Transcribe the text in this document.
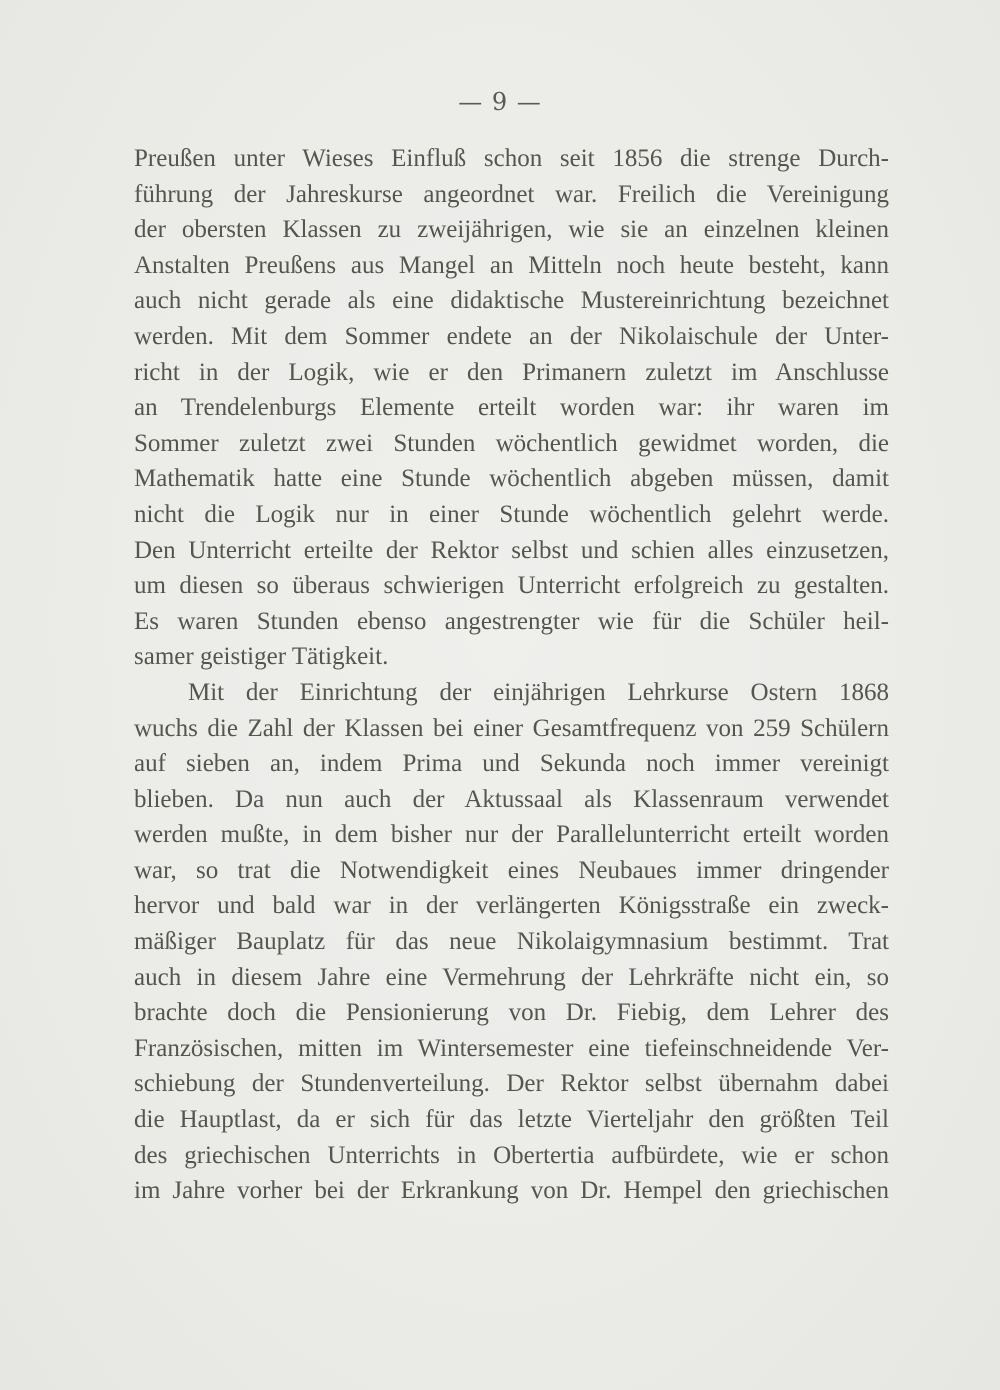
— 9 —
Preußen unter Wieses Einfluß schon seit 1856 die strenge Durch-
führung der Jahreskurse angeordnet war. Freilich die Vereinigung
der obersten Klassen zu zweijährigen, wie sie an einzelnen kleinen
Anstalten Preußens aus Mangel an Mitteln noch heute besteht, kann
auch nicht gerade als eine didaktische Mustereinrichtung bezeichnet
werden. Mit dem Sommer endete an der Nikolaischule der Unter-
richt in der Logik, wie er den Primanern zuletzt im Anschlusse
an Trendelenburgs Elemente erteilt worden war: ihr waren im
Sommer zuletzt zwei Stunden wöchentlich gewidmet worden, die
Mathematik hatte eine Stunde wöchentlich abgeben müssen, damit
nicht die Logik nur in einer Stunde wöchentlich gelehrt werde.
Den Unterricht erteilte der Rektor selbst und schien alles einzusetzen,
um diesen so überaus schwierigen Unterricht erfolgreich zu gestalten.
Es waren Stunden ebenso angestrengter wie für die Schüler heil-
samer geistiger Tätigkeit.
Mit der Einrichtung der einjährigen Lehrkurse Ostern 1868
wuchs die Zahl der Klassen bei einer Gesamtfrequenz von 259 Schülern
auf sieben an, indem Prima und Sekunda noch immer vereinigt
blieben. Da nun auch der Aktussaal als Klassenraum verwendet
werden mußte, in dem bisher nur der Parallelunterricht erteilt worden
war, so trat die Notwendigkeit eines Neubaues immer dringender
hervor und bald war in der verlängerten Königsstraße ein zweck-
mäßiger Bauplatz für das neue Nikolaigymnasium bestimmt. Trat
auch in diesem Jahre eine Vermehrung der Lehrkräfte nicht ein, so
brachte doch die Pensionierung von Dr. Fiebig, dem Lehrer des
Französischen, mitten im Wintersemester eine tiefeinschneidende Ver-
schiebung der Stundenverteilung. Der Rektor selbst übernahm dabei
die Hauptlast, da er sich für das letzte Vierteljahr den größten Teil
des griechischen Unterrichts in Obertertia aufbürdete, wie er schon
im Jahre vorher bei der Erkrankung von Dr. Hempel den griechischen
